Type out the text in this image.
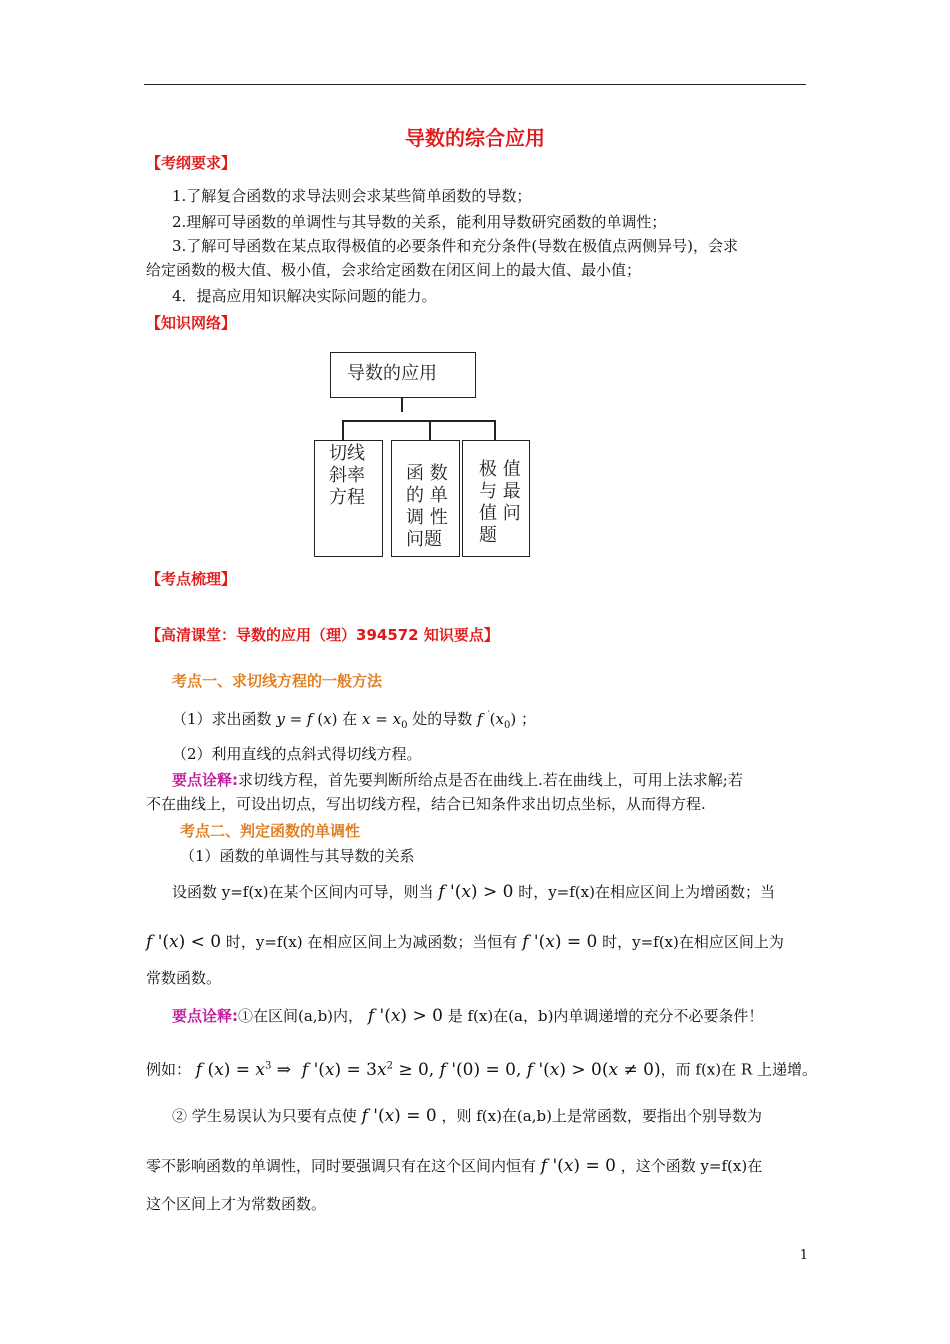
导数的综合应用
【考纲要求】
1.了解复合函数的求导法则会求某些简单函数的导数；
2.理解可导函数的单调性与其导数的关系，能利用导数研究函数的单调性；
3.了解可导函数在某点取得极值的必要条件和充分条件(导数在极值点两侧异号)，会求
给定函数的极大值、极小值，会求给定函数在闭区间上的最大值、最小值；
4．提高应用知识解决实际问题的能力。
【知识网络】
导数的应用
切线
斜率
方程
函 数
的 单
调 性
问题
极 值
与 最
值 问
题
【考点梳理】
【高清课堂：导数的应用（理）394572 知识要点】
考点一、求切线方程的一般方法
（1）求出函数 y = f (x) 在 $x = x_0$ 处的导数 f $'(x_0)$ ；
（2）利用直线的点斜式得切线方程。
要点诠释:求切线方程，首先要判断所给点是否在曲线上.若在曲线上，可用上法求解;若
不在曲线上，可设出切点，写出切线方程，结合已知条件求出切点坐标，从而得方程.
考点二、判定函数的单调性
（1）函数的单调性与其导数的关系
设函数 y=f(x)在某个区间内可导，则当 f '(x) > 0 时，y=f(x)在相应区间上为增函数；当
f '(x) < 0 时，y=f(x) 在相应区间上为减函数；当恒有 f '(x) = 0 时，y=f(x)在相应区间上为
常数函数。
要点诠释:①在区间(a,b)内， f '(x) > 0 是 f(x)在(a，b)内单调递增的充分不必要条件！
例如： f $(x) = x^3$ ⇒  f '$(x) = 3x^2 \ge 0$, f '(0) = 0, f '(x) > 0(x ≠ 0)，而 f(x)在 R 上递增。
② 学生易误认为只要有点使 f '(x) = 0 ，则 f(x)在(a,b)上是常函数，要指出个别导数为
零不影响函数的单调性，同时要强调只有在这个区间内恒有 f '(x) = 0 ，这个函数 y=f(x)在
这个区间上才为常数函数。
1
